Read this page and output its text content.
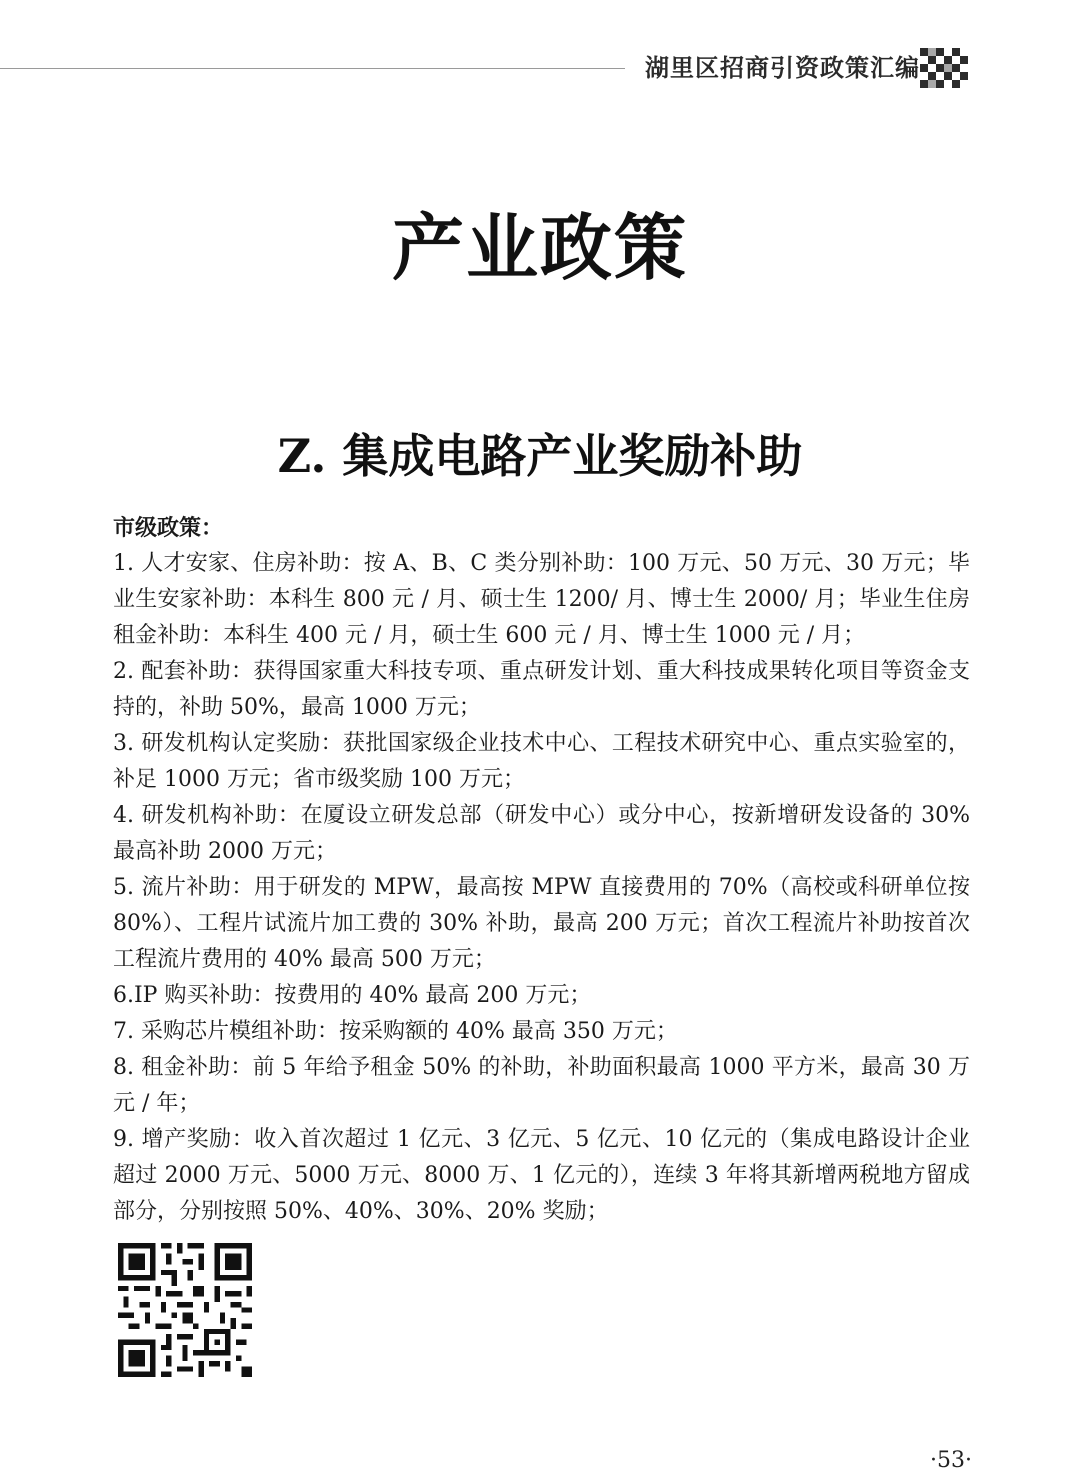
湖里区招商引资政策汇编
产业政策
Z. 集成电路产业奖励补助

市级政策：

1. 人才安家、住房补助：按 A、B、C 类分别补助：100 万元、50 万元、30 万元；毕业生安家补助：本科生 800 元 / 月、硕士生 1200/ 月、博士生 2000/ 月；毕业生住房租金补助：本科生 400 元 / 月，硕士生 600 元 / 月、博士生 1000 元 / 月；

2. 配套补助：获得国家重大科技专项、重点研发计划、重大科技成果转化项目等资金支持的，补助 50%，最高 1000 万元；

3. 研发机构认定奖励：获批国家级企业技术中心、工程技术研究中心、重点实验室的，补足 1000 万元；省市级奖励 100 万元；

4. 研发机构补助：在厦设立研发总部（研发中心）或分中心，按新增研发设备的 30% 最高补助 2000 万元；

5. 流片补助：用于研发的 MPW，最高按 MPW 直接费用的 70%（高校或科研单位按 80%）、工程片试流片加工费的 30% 补助，最高 200 万元；首次工程流片补助按首次工程流片费用的 40% 最高 500 万元；

6.IP 购买补助：按费用的 40% 最高 200 万元；

7. 采购芯片模组补助：按采购额的 40% 最高 350 万元；

8. 租金补助：前 5 年给予租金 50% 的补助，补助面积最高 1000 平方米，最高 30 万元 / 年；

9. 增产奖励：收入首次超过 1 亿元、3 亿元、5 亿元、10 亿元的（集成电路设计企业超过 2000 万元、5000 万元、8000 万、1 亿元的），连续 3 年将其新增两税地方留成部分，分别按照 50%、40%、30%、20% 奖励；

·53·
